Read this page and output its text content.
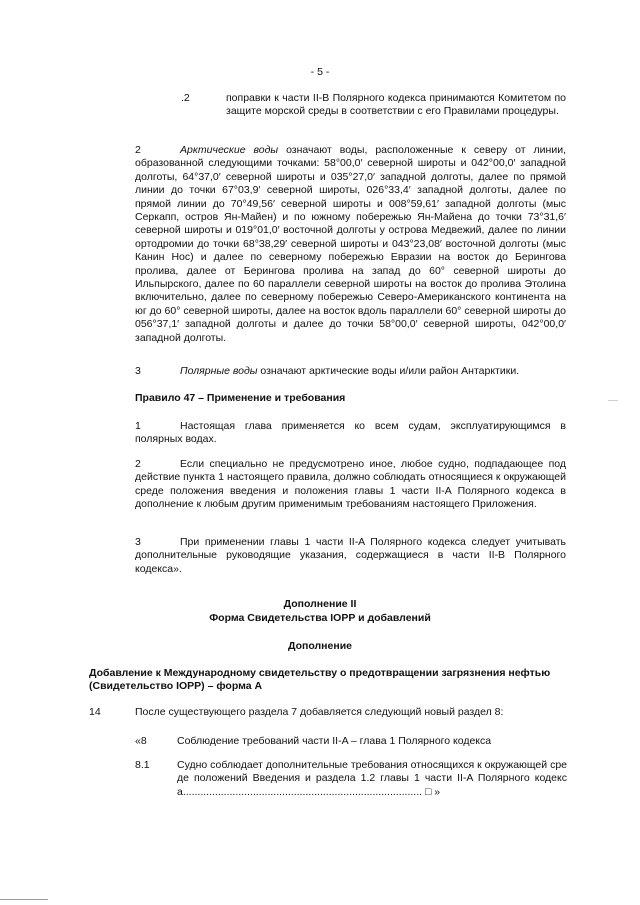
- 5 -
.2	поправки к части II-B Полярного кодекса принимаются Комитетом по защите морской среды в соответствии с его Правилами процедуры.
2	Арктические воды означают воды, расположенные к северу от линии, образованной следующими точками: 58°00,0′ северной широты и 042°00,0′ западной долготы, 64°37,0′ северной широты и 035°27,0′ западной долготы, далее по прямой линии до точки 67°03,9′ северной широты, 026°33,4′ западной долготы, далее по прямой линии до 70°49,56′ северной широты и 008°59,61′ западной долготы (мыс Серкапп, остров Ян-Майен) и по южному побережью Ян-Майена до точки 73°31,6′ северной широты и 019°01,0′ восточной долготы у острова Медвежий, далее по линии ортодромии до точки 68°38,29′ северной широты и 043°23,08′ восточной долготы (мыс Канин Нос) и далее по северному побережью Евразии на восток до Берингова пролива, далее от Берингова пролива на запад до 60° северной широты до Ильпырского, далее по 60 параллели северной широты на восток до пролива Этолина включительно, далее по северному побережью Северо-Американского континента на юг до 60° северной широты, далее на восток вдоль параллели 60° северной широты до 056°37,1′ западной долготы и далее до точки 58°00,0′ северной широты, 042°00,0′ западной долготы.
3	Полярные воды означают арктические воды и/или район Антарктики.
Правило 47 – Применение и требования
1	Настоящая глава применяется ко всем судам, эксплуатирующимся в полярных водах.
2	Если специально не предусмотрено иное, любое судно, подпадающее под действие пункта 1 настоящего правила, должно соблюдать относящиеся к окружающей среде положения введения и положения главы 1 части II-A Полярного кодекса в дополнение к любым другим применимым требованиям настоящего Приложения.
3	При применении главы 1 части II-A Полярного кодекса следует учитывать дополнительные руководящие указания, содержащиеся в части II-B Полярного кодекса».
Дополнение II
Форма Свидетельства IOPP и добавлений
Дополнение
Добавление к Международному свидетельству о предотвращении загрязнения нефтью (Свидетельство IOPP) – форма A
14	После существующего раздела 7 добавляется следующий новый раздел 8:
«8	Соблюдение требований части II-A – глава 1 Полярного кодекса
8.1	Судно соблюдает дополнительные требования относящихся к окружающей среде положений Введения и раздела 1.2 главы 1 части II-A Полярного кодекса.................................................................................. □ »
